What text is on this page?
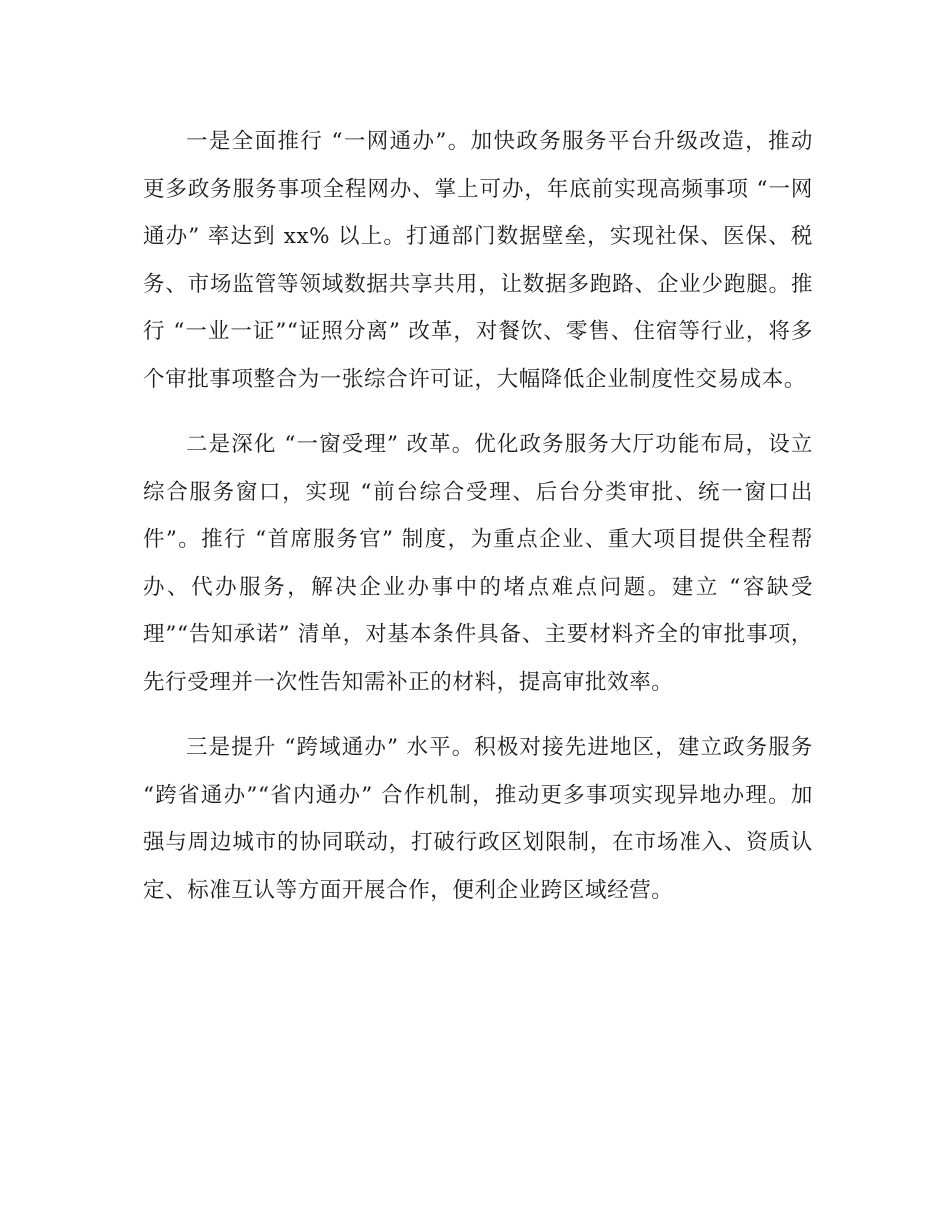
一是全面推行 “一网通办”。加快政务服务平台升级改造，推动更多政务服务事项全程网办、掌上可办，年底前实现高频事项 “一网通办” 率达到 xx% 以上。打通部门数据壁垒，实现社保、医保、税务、市场监管等领域数据共享共用，让数据多跑路、企业少跑腿。推行 “一业一证”“证照分离” 改革，对餐饮、零售、住宿等行业，将多个审批事项整合为一张综合许可证，大幅降低企业制度性交易成本。

二是深化 “一窗受理” 改革。优化政务服务大厅功能布局，设立综合服务窗口，实现 “前台综合受理、后台分类审批、统一窗口出件”。推行 “首席服务官” 制度，为重点企业、重大项目提供全程帮办、代办服务，解决企业办事中的堵点难点问题。建立 “容缺受理”“告知承诺” 清单，对基本条件具备、主要材料齐全的审批事项，先行受理并一次性告知需补正的材料，提高审批效率。

三是提升 “跨域通办” 水平。积极对接先进地区，建立政务服务 “跨省通办”“省内通办” 合作机制，推动更多事项实现异地办理。加强与周边城市的协同联动，打破行政区划限制，在市场准入、资质认定、标准互认等方面开展合作，便利企业跨区域经营。
